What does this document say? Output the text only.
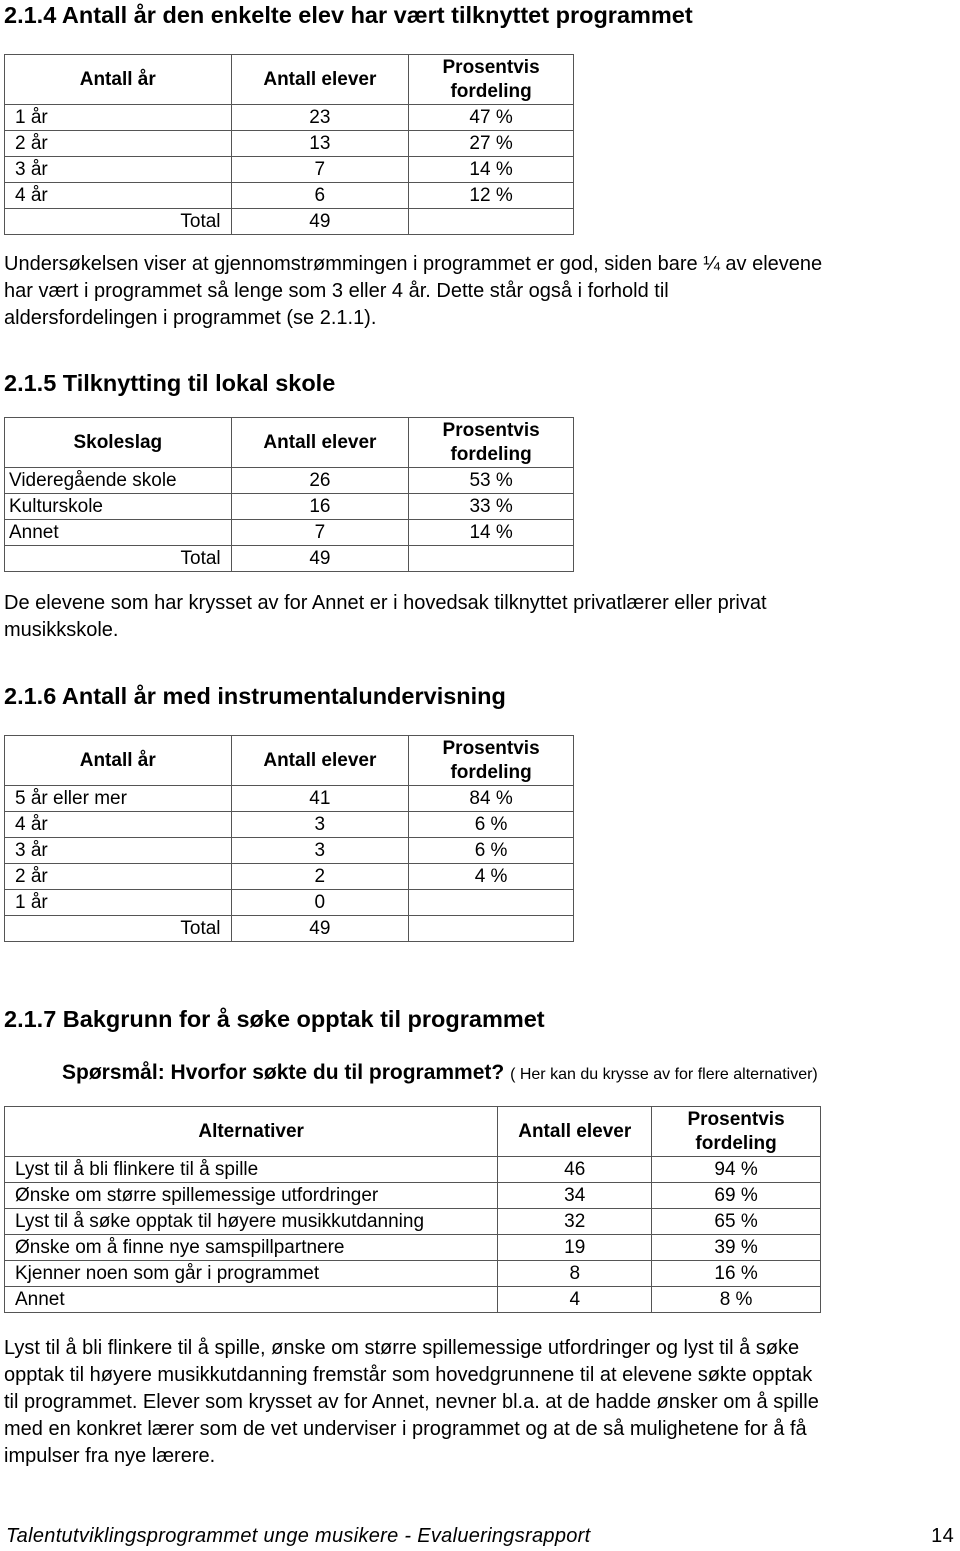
2.1.4 Antall år den enkelte elev har vært tilknyttet programmet
Antall år	Antall elever	Prosentvis fordeling
1 år	23	47 %
2 år	13	27 %
3 år	7	14 %
4 år	6	12 %
Total	49	
Undersøkelsen viser at gjennomstrømmingen i programmet er god, siden bare ¼ av elevene
har vært i programmet så lenge som 3 eller 4 år. Dette står også i forhold til
aldersfordelingen i programmet (se 2.1.1).
2.1.5 Tilknytting til lokal skole
Skoleslag	Antall elever	Prosentvis fordeling
Videregående skole	26	53 %
Kulturskole	16	33 %
Annet	7	14 %
Total	49	
De elevene som har krysset av for Annet er i hovedsak tilknyttet privatlærer eller privat
musikkskole.
2.1.6 Antall år med instrumentalundervisning
Antall år	Antall elever	Prosentvis fordeling
5 år eller mer	41	84 %
4 år	3	6 %
3 år	3	6 %
2 år	2	4 %
1 år	0	
Total	49	
2.1.7 Bakgrunn for å søke opptak til programmet
Spørsmål: Hvorfor søkte du til programmet? ( Her kan du krysse av for flere alternativer)
Alternativer	Antall elever	Prosentvis fordeling
Lyst til å bli flinkere til å spille	46	94 %
Ønske om større spillemessige utfordringer	34	69 %
Lyst til å søke opptak til høyere musikkutdanning	32	65 %
Ønske om å finne nye samspillpartnere	19	39 %
Kjenner noen som går i programmet	8	16 %
Annet	4	8 %
Lyst til å bli flinkere til å spille, ønske om større spillemessige utfordringer og lyst til å søke
opptak til høyere musikkutdanning fremstår som hovedgrunnene til at elevene søkte opptak
til programmet. Elever som krysset av for Annet, nevner bl.a. at de hadde ønsker om å spille
med en konkret lærer som de vet underviser i programmet og at de så mulighetene for å få
impulser fra nye lærere.
Talentutviklingsprogrammet unge musikere - Evalueringsrapport	14
